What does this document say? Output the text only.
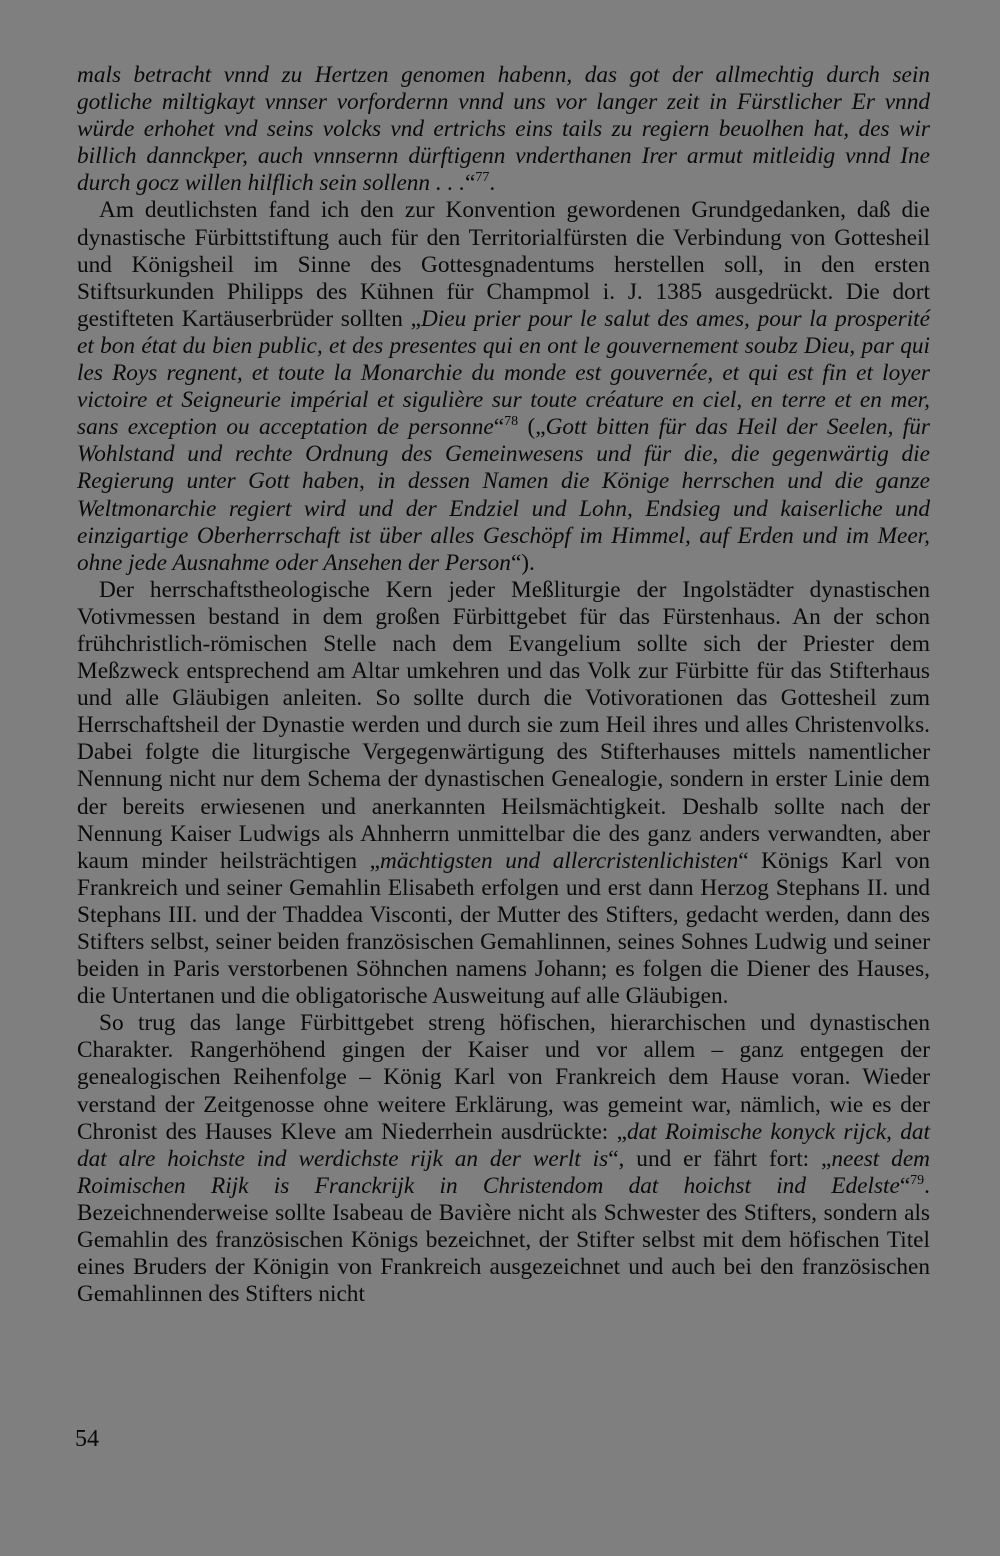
mals betracht vnnd zu Hertzen genomen habenn, das got der allmechtig durch sein gotliche miltigkayt vnnser vorfordernn vnnd uns vor langer zeit in Fürstlicher Er vnnd würde erhohet vnd seins volcks vnd ertrichs eins tails zu regiern beuolhen hat, des wir billich dannckper, auch vnnsernn dürftigenn vnderthanen Irer armut mitleidig vnnd Ine durch gocz willen hilflich sein sollenn . . .“$^{77}$.

Am deutlichsten fand ich den zur Konvention gewordenen Grundgedanken, daß die dynastische Fürbittstiftung auch für den Territorialfürsten die Verbindung von Gottesheil und Königsheil im Sinne des Gottesgnadentums herstellen soll, in den ersten Stiftsurkunden Philipps des Kühnen für Champmol i. J. 1385 ausgedrückt. Die dort gestifteten Kartäuserbrüder sollten „Dieu prier pour le salut des ames, pour la prosperité et bon état du bien public, et des presentes qui en ont le gouvernement soubz Dieu, par qui les Roys regnent, et toute la Monarchie du monde est gouvernée, et qui est fin et loyer victoire et Seigneurie impérial et sigulière sur toute créature en ciel, en terre et en mer, sans exception ou acceptation de personne“$^{78}$ („Gott bitten für das Heil der Seelen, für Wohlstand und rechte Ordnung des Gemeinwesens und für die, die gegenwärtig die Regierung unter Gott haben, in dessen Namen die Könige herrschen und die ganze Weltmonarchie regiert wird und der Endziel und Lohn, Endsieg und kaiserliche und einzigartige Oberherrschaft ist über alles Geschöpf im Himmel, auf Erden und im Meer, ohne jede Ausnahme oder Ansehen der Person“).

Der herrschaftstheologische Kern jeder Meßliturgie der Ingolstädter dynastischen Votivmessen bestand in dem großen Fürbittgebet für das Fürstenhaus. An der schon frühchristlich-römischen Stelle nach dem Evangelium sollte sich der Priester dem Meßzweck entsprechend am Altar umkehren und das Volk zur Fürbitte für das Stifterhaus und alle Gläubigen anleiten. So sollte durch die Votivorationen das Gottesheil zum Herrschaftsheil der Dynastie werden und durch sie zum Heil ihres und alles Christenvolks. Dabei folgte die liturgische Vergegenwärtigung des Stifterhauses mittels namentlicher Nennung nicht nur dem Schema der dynastischen Genealogie, sondern in erster Linie dem der bereits erwiesenen und anerkannten Heilsmächtigkeit. Deshalb sollte nach der Nennung Kaiser Ludwigs als Ahnherrn unmittelbar die des ganz anders verwandten, aber kaum minder heilsträchtigen „mächtigsten und allercristenlichisten“ Königs Karl von Frankreich und seiner Gemahlin Elisabeth erfolgen und erst dann Herzog Stephans II. und Stephans III. und der Thaddea Visconti, der Mutter des Stifters, gedacht werden, dann des Stifters selbst, seiner beiden französischen Gemahlinnen, seines Sohnes Ludwig und seiner beiden in Paris verstorbenen Söhnchen namens Johann; es folgen die Diener des Hauses, die Untertanen und die obligatorische Ausweitung auf alle Gläubigen.

So trug das lange Fürbittgebet streng höfischen, hierarchischen und dynastischen Charakter. Rangerhöhend gingen der Kaiser und vor allem – ganz entgegen der genealogischen Reihenfolge – König Karl von Frankreich dem Hause voran. Wieder verstand der Zeitgenosse ohne weitere Erklärung, was gemeint war, nämlich, wie es der Chronist des Hauses Kleve am Niederrhein ausdrückte: „dat Roimische konyck rijck, dat dat alre hoichste ind werdichste rijk an der werlt is“, und er fährt fort: „neest dem Roimischen Rijk is Franckrijk in Christendom dat hoichst ind Edelste“$^{79}$. Bezeichnenderweise sollte Isabeau de Bavière nicht als Schwester des Stifters, sondern als Gemahlin des französischen Königs bezeichnet, der Stifter selbst mit dem höfischen Titel eines Bruders der Königin von Frankreich ausgezeichnet und auch bei den französischen Gemahlinnen des Stifters nicht

54
